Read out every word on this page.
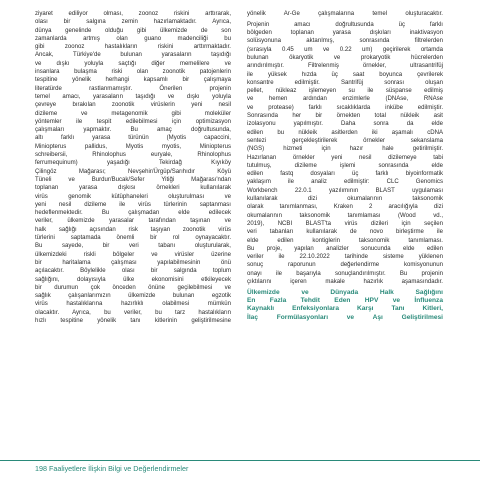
ziyaret ediliyor olması, zoonoz riskini arttırarak,

olası bir salgına zemin hazırlamaktadır. Ayrıca,

dünya genelinde olduğu gibi ülkemizde de son

zamanlarda artmış olan guano madenciliği bu

gibi zoonoz hastalıkların riskini arttırmaktadır.

Ancak, Türkiye'de bulunan yarasaların taşıdığı

ve dışkı yoluyla saçtığı diğer memelilere ve

insanlara bulaşma riski olan zoonotik patojenlerin

tespitine yönelik herhangi kapsamlı bir çalışmaya

literatürde rastlanmamıştır. Önerilen projenin

temel amacı, yarasaların taşıdığı ve dışkı yoluyla

çevreye bırakılan zoonotik virüslerin yeni nesil

dizileme ve metagenomik gibi moleküler

yöntemler ile tespit edilebilmesi için optimizasyon

çalışmaları yapmaktır. Bu amaç doğrultusunda,

altı farklı yarasa türünün (Myotis capaccini,

Miniopterus pallidus, Myotis myotis, Miniopterus

schreibersii, Rhinolophus euryale, Rhinolophus

ferrumequinum) yaşadığı Tekirdağ Kıyıköy

Çilingöz Mağarası; Nevşehir/Ürgüp/Sarıhıdır Köyü

Tüneli ve Burdur/Bucak/Sefer Yitiği Mağarası'ndan

toplanan yarasa dışkısı örnekleri kullanılarak

virüs genomik kütüphaneleri oluşturulması ve

yeni nesil dizileme ile virüs türlerinin saptanması

hedeflenmektedir. Bu çalışmadan elde edilecek

veriler, ülkemizde yarasalar tarafından taşınan ve

halk sağlığı açısından risk taşıyan zoonotik virüs

türlerini saptamada önemli bir rol oynayacaktır.

Bu sayede, bir veri tabanı oluşturularak,

ülkemizdeki riskli bölgeler ve virüsler üzerine

bir haritalama çalışması yapılabilmesinin önü

açılacaktır. Böylelikle olası bir salgında toplum

sağlığını, dolayısıyla ülke ekonomisini etkileyecek

bir durumun çok önceden önüne geçilebilmesi ve

sağlık çalışanlarımızın ülkemizde bulunan egzotik

virüs hastalıklarına hazırlıklı olabilmesi mümkün

olacaktır. Ayrıca, bu veriler, bu tarz hastalıkların

hızlı tespitine yönelik tanı kitlerinin geliştirilmesine

yönelik Ar-Ge çalışmalarına temel oluşturacaktır.

Projenin amacı doğrultusunda üç farklı

bölgeden toplanan yarasa dışkıları inaktivasyon

solüsyonuna aktarılmış, sonrasında filtrelerden

(sırasıyla 0.45 um ve 0.22 um) geçirilerek ortamda

bulunan ökaryotik ve prokaryotik hücrelerden

arındırılmıştır. Filtrelenmiş örnekler, ultrasantrifüj

ile yüksek hızda üç saat boyunca çevrilerek

konsantre edilmiştir. Santrifüj sonrası oluşan

pellet, nükleaz işlemeyen su ile süspanse edilmiş

ve hemen ardından enzimlerle (DNAse, RNAse

ve protease) farklı sıcaklıklarda inkübe edilmiştir.

Sonrasında her bir örnekten total nükleik asit

izolasyonu yapılmıştır. Daha sonra da elde

edilen bu nükleik asitlerden iki aşamalı cDNA

sentezi gerçekleştirilerek örnekler sekanslama

(NGS) hizmeti için hazır hale getirilmiştir.

Hazırlanan örnekler yeni nesil dizilemeye tabi

tutulmuş, dizileme işlemi sonrasında elde

edilen fastq dosyaları üç farklı biyoinformatik

yaklaşım ile analiz edilmiştir: CLC Genomics

Workbench 22.0.1 yazılımının BLAST uygulaması

kullanılarak dizi okumalarının taksonomik

olarak tanımlanması, Kraken 2 aracılığıyla dizi

okumalarının taksonomik tanımlaması (Wood vd.,

2019), NCBI BLAST'ta virüs dizileri için seçilen

veri tabanları kullanılarak de novo birleştirme ile

elde edilen kontiglerin taksonomik tanımlaması.

Bu proje, yapılan analizler sonucunda elde edilen

veriler ile 22.10.2022 tarihinde sisteme yüklenen

sonuç raporunun değerlendirme komisyonunun

onayı ile başarıyla sonuçlandırılmıştır. Bu projenin

çıktılarını içeren makale hazırlık aşamasındadır.

Ülkemizde ve Dünyada Halk Sağlığını

En Fazla Tehdit Eden HPV ve İnfluenza

Kaynaklı Enfeksiyonlara Karşı Tanı Kitleri,

İlaç Formülasyonları ve Aşı Geliştirilmesi

198 Faaliyetlere İlişkin Bilgi ve Değerlendirmeler
